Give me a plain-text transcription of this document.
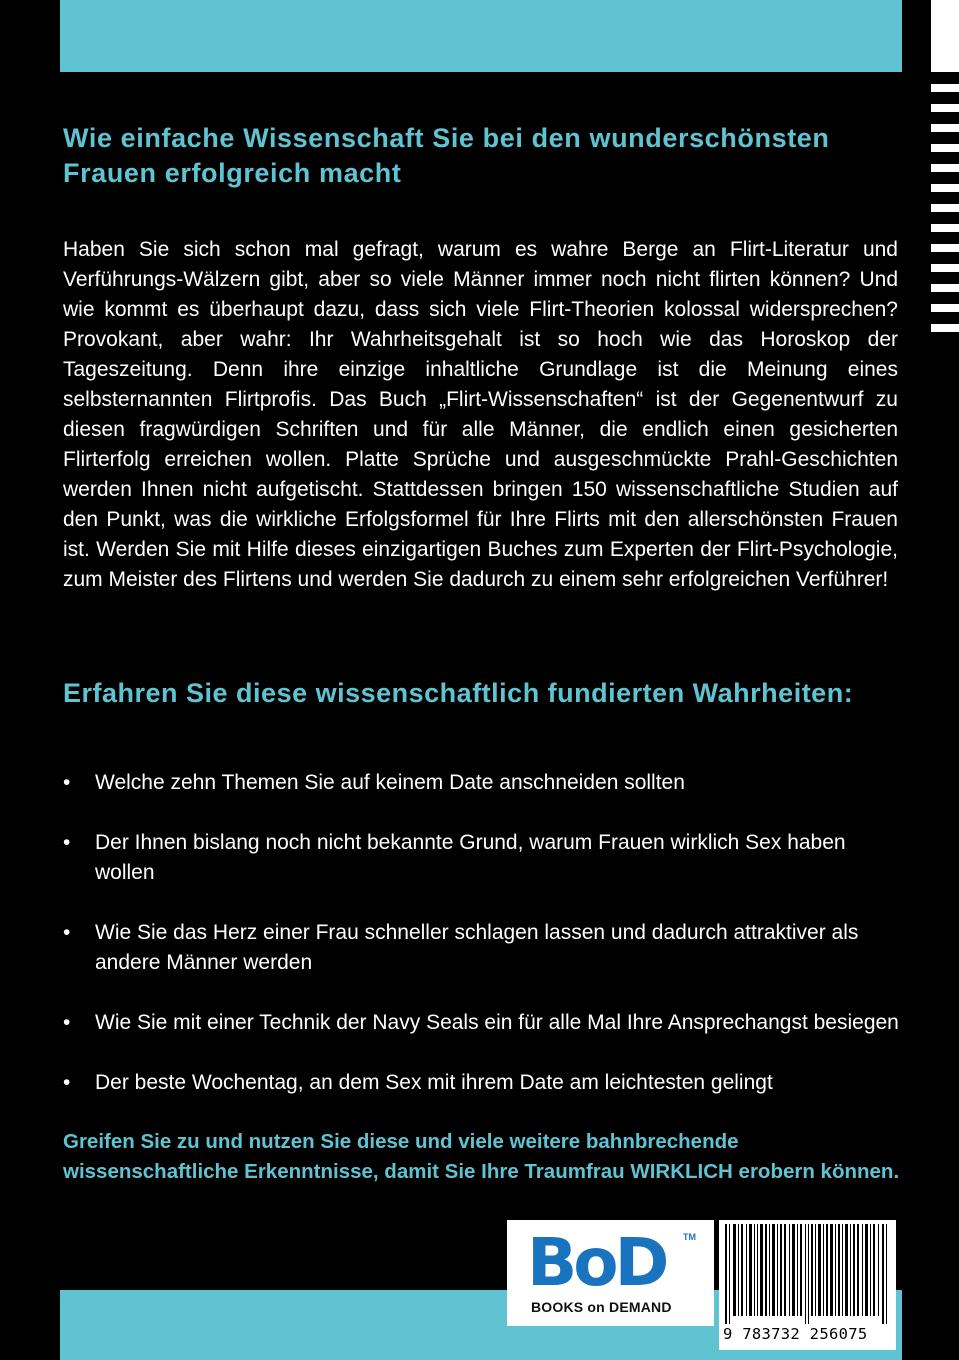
Wie einfache Wissenschaft Sie bei den wunderschönsten Frauen erfolgreich macht

Haben Sie sich schon mal gefragt, warum es wahre Berge an Flirt-Literatur und Verführungs-Wälzern gibt, aber so viele Männer immer noch nicht flirten können? Und wie kommt es überhaupt dazu, dass sich viele Flirt-Theorien kolossal widersprechen? Provokant, aber wahr: Ihr Wahrheitsgehalt ist so hoch wie das Horoskop der Tageszeitung. Denn ihre einzige inhaltliche Grundlage ist die Meinung eines selbsternannten Flirtprofis. Das Buch „Flirt-Wissenschaften“ ist der Gegenentwurf zu diesen fragwürdigen Schriften und für alle Männer, die endlich einen gesicherten Flirterfolg erreichen wollen. Platte Sprüche und ausgeschmückte Prahl-Geschichten werden Ihnen nicht aufgetischt. Stattdessen bringen 150 wissenschaftliche Studien auf den Punkt, was die wirkliche Erfolgsformel für Ihre Flirts mit den allerschönsten Frauen ist. Werden Sie mit Hilfe dieses einzigartigen Buches zum Experten der Flirt-Psychologie, zum Meister des Flirtens und werden Sie dadurch zu einem sehr erfolgreichen Verführer!

Erfahren Sie diese wissenschaftlich fundierten Wahrheiten:
•	Welche zehn Themen Sie auf keinem Date anschneiden sollten
•	Der Ihnen bislang noch nicht bekannte Grund, warum Frauen wirklich Sex haben wollen
•	Wie Sie das Herz einer Frau schneller schlagen lassen und dadurch attraktiver als andere Männer werden
•	Wie Sie mit einer Technik der Navy Seals ein für alle Mal Ihre Ansprechangst besiegen
•	Der beste Wochentag, an dem Sex mit ihrem Date am leichtesten gelingt

Greifen Sie zu und nutzen Sie diese und viele weitere bahnbrechende wissenschaftliche Erkenntnisse, damit Sie Ihre Traumfrau WIRKLICH erobern können.

BoD TM
BOOKS on DEMAND
9 783732 256075
